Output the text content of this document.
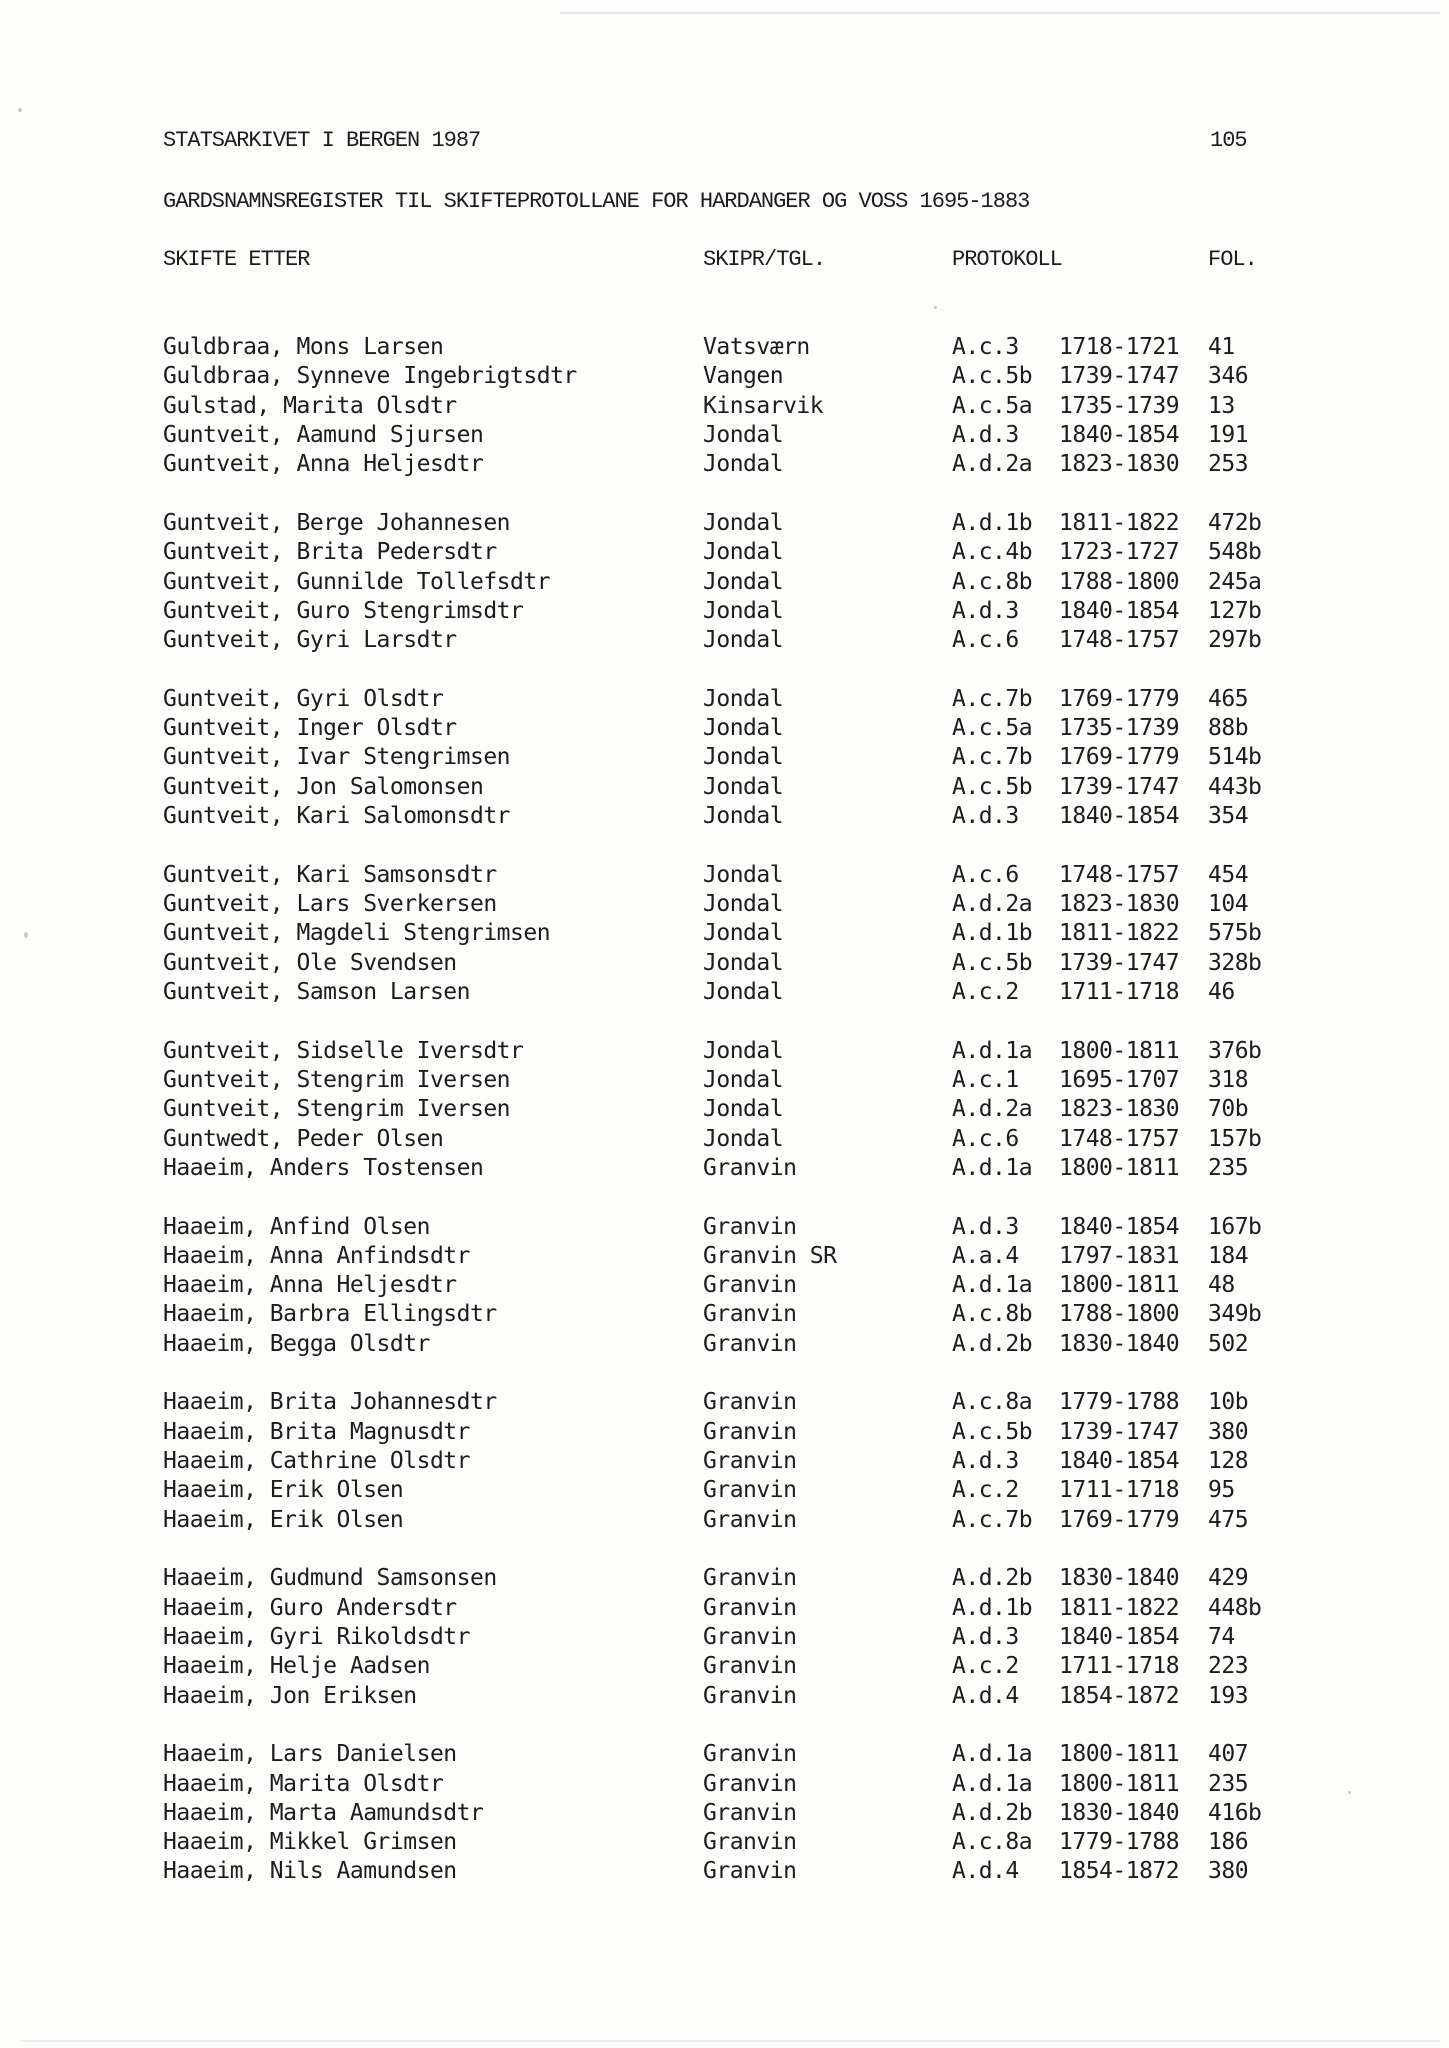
STATSARKIVET I BERGEN 1987	105
GARDSNAMNSREGISTER TIL SKIFTEPROTOLLANE FOR HARDANGER OG VOSS 1695-1883
SKIFTE ETTER	SKIPR/TGL.	PROTOKOLL	FOL.
Guldbraa, Mons Larsen	Vatsværn	A.c.3 1718-1721 41
Guldbraa, Synneve Ingebrigtsdtr	Vangen	A.c.5b 1739-1747 346
Gulstad, Marita Olsdtr	Kinsarvik	A.c.5a 1735-1739 13
Guntveit, Aamund Sjursen	Jondal	A.d.3 1840-1854 191
Guntveit, Anna Heljesdtr	Jondal	A.d.2a 1823-1830 253
Guntveit, Berge Johannesen	Jondal	A.d.1b 1811-1822 472b
Guntveit, Brita Pedersdtr	Jondal	A.c.4b 1723-1727 548b
Guntveit, Gunnilde Tollefsdtr	Jondal	A.c.8b 1788-1800 245a
Guntveit, Guro Stengrimsdtr	Jondal	A.d.3 1840-1854 127b
Guntveit, Gyri Larsdtr	Jondal	A.c.6 1748-1757 297b
Guntveit, Gyri Olsdtr	Jondal	A.c.7b 1769-1779 465
Guntveit, Inger Olsdtr	Jondal	A.c.5a 1735-1739 88b
Guntveit, Ivar Stengrimsen	Jondal	A.c.7b 1769-1779 514b
Guntveit, Jon Salomonsen	Jondal	A.c.5b 1739-1747 443b
Guntveit, Kari Salomonsdtr	Jondal	A.d.3 1840-1854 354
Guntveit, Kari Samsonsdtr	Jondal	A.c.6 1748-1757 454
Guntveit, Lars Sverkersen	Jondal	A.d.2a 1823-1830 104
Guntveit, Magdeli Stengrimsen	Jondal	A.d.1b 1811-1822 575b
Guntveit, Ole Svendsen	Jondal	A.c.5b 1739-1747 328b
Guntveit, Samson Larsen	Jondal	A.c.2 1711-1718 46
Guntveit, Sidselle Iversdtr	Jondal	A.d.1a 1800-1811 376b
Guntveit, Stengrim Iversen	Jondal	A.c.1 1695-1707 318
Guntveit, Stengrim Iversen	Jondal	A.d.2a 1823-1830 70b
Guntwedt, Peder Olsen	Jondal	A.c.6 1748-1757 157b
Haaeim, Anders Tostensen	Granvin	A.d.1a 1800-1811 235
Haaeim, Anfind Olsen	Granvin	A.d.3 1840-1854 167b
Haaeim, Anna Anfindsdtr	Granvin SR	A.a.4 1797-1831 184
Haaeim, Anna Heljesdtr	Granvin	A.d.1a 1800-1811 48
Haaeim, Barbra Ellingsdtr	Granvin	A.c.8b 1788-1800 349b
Haaeim, Begga Olsdtr	Granvin	A.d.2b 1830-1840 502
Haaeim, Brita Johannesdtr	Granvin	A.c.8a 1779-1788 10b
Haaeim, Brita Magnusdtr	Granvin	A.c.5b 1739-1747 380
Haaeim, Cathrine Olsdtr	Granvin	A.d.3 1840-1854 128
Haaeim, Erik Olsen	Granvin	A.c.2 1711-1718 95
Haaeim, Erik Olsen	Granvin	A.c.7b 1769-1779 475
Haaeim, Gudmund Samsonsen	Granvin	A.d.2b 1830-1840 429
Haaeim, Guro Andersdtr	Granvin	A.d.1b 1811-1822 448b
Haaeim, Gyri Rikoldsdtr	Granvin	A.d.3 1840-1854 74
Haaeim, Helje Aadsen	Granvin	A.c.2 1711-1718 223
Haaeim, Jon Eriksen	Granvin	A.d.4 1854-1872 193
Haaeim, Lars Danielsen	Granvin	A.d.1a 1800-1811 407
Haaeim, Marita Olsdtr	Granvin	A.d.1a 1800-1811 235
Haaeim, Marta Aamundsdtr	Granvin	A.d.2b 1830-1840 416b
Haaeim, Mikkel Grimsen	Granvin	A.c.8a 1779-1788 186
Haaeim, Nils Aamundsen	Granvin	A.d.4 1854-1872 380
